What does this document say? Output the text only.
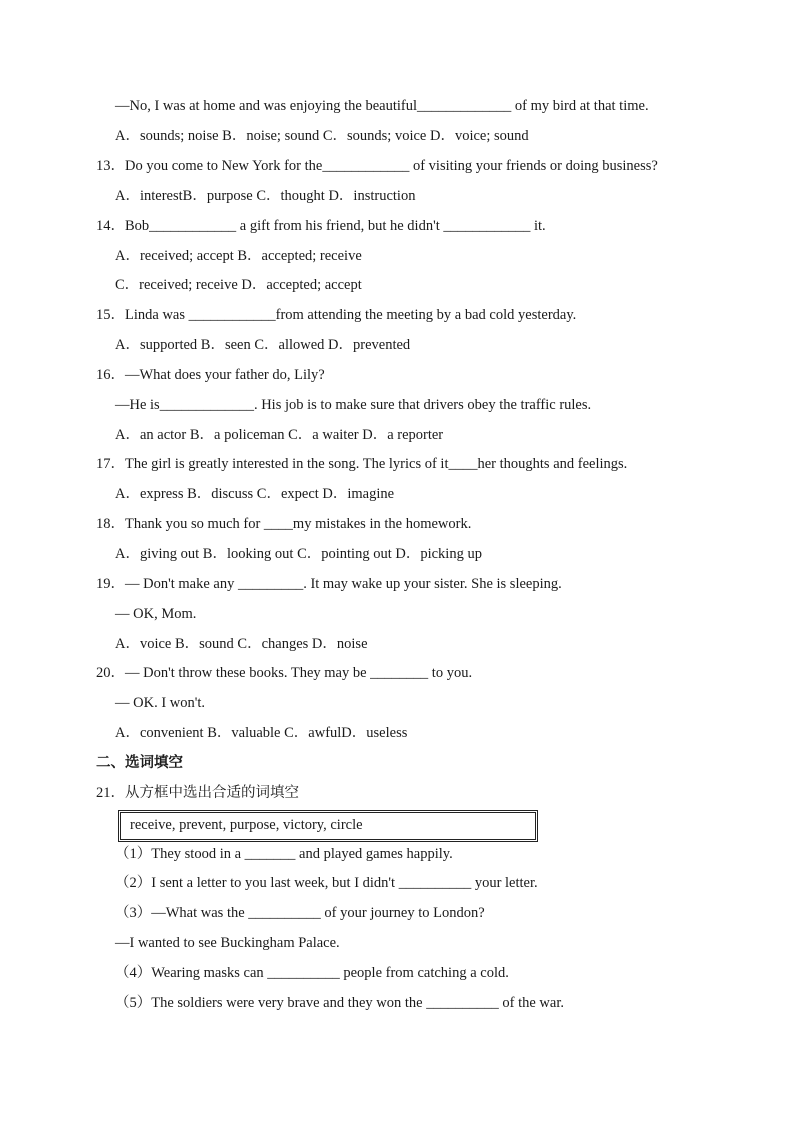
—No, I was at home and was enjoying the beautiful_____________ of my bird at that time.
A．sounds; noise B．noise; sound C．sounds; voice D．voice; sound
13．Do you come to New York for the____________ of visiting your friends or doing business?
A．interestB．purpose C．thought D．instruction
14．Bob____________ a gift from his friend, but he didn't ____________ it.
A．received; accept B．accepted; receive
C．received; receive D．accepted; accept
15．Linda was ____________from attending the meeting by a bad cold yesterday.
A．supported B．seen C．allowed D．prevented
16．—What does your father do, Lily?
—He is_____________. His job is to make sure that drivers obey the traffic rules.
A．an actor B．a policeman C．a waiter D．a reporter
17．The girl is greatly interested in the song. The lyrics of it____her thoughts and feelings.
A．express B．discuss C．expect D．imagine
18．Thank you so much for ____my mistakes in the homework.
A．giving out B．looking out C．pointing out D．picking up
19．— Don't make any _________. It may wake up your sister. She is sleeping.
— OK, Mom.
A．voice B．sound C．changes D．noise
20．— Don't throw these books. They may be ________ to you.
— OK. I won't.
A．convenient B．valuable C．awfulD．useless
二、选词填空
21．从方框中选出合适的词填空
receive, prevent, purpose, victory, circle
（1）They stood in a _______ and played games happily.
（2）I sent a letter to you last week, but I didn't __________ your letter.
（3）—What was the __________ of your journey to London?
—I wanted to see Buckingham Palace.
（4）Wearing masks can __________ people from catching a cold.
（5）The soldiers were very brave and they won the __________ of the war.
